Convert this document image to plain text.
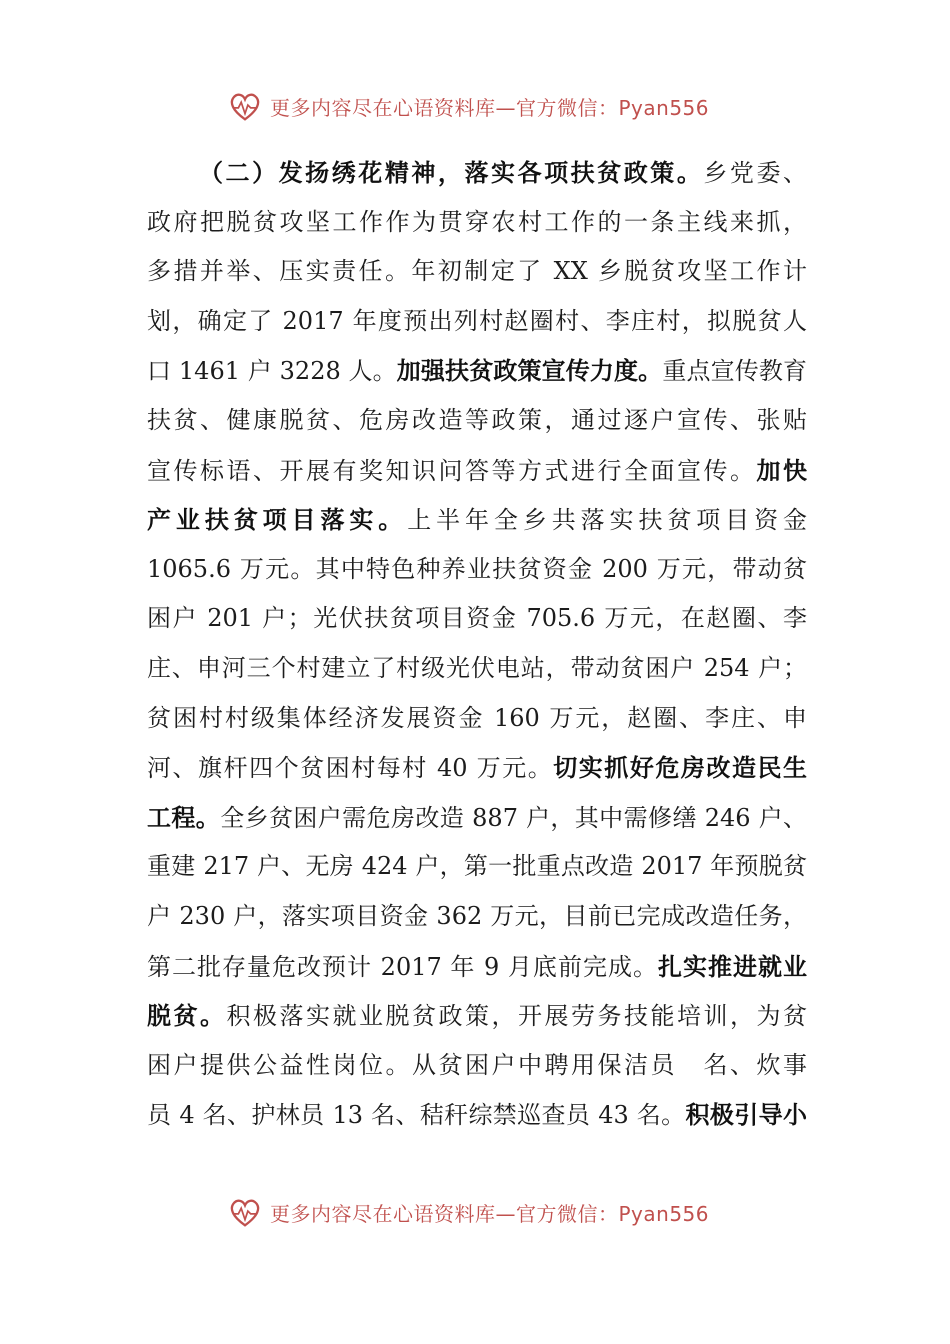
更多内容尽在心语资料库—官方微信：Pyan556
（二）发扬绣花精神，落实各项扶贫政策。乡党委、
政府把脱贫攻坚工作作为贯穿农村工作的一条主线来抓，
多措并举、压实责任。年初制定了 XX 乡脱贫攻坚工作计
划，确定了 2017 年度预出列村赵圈村、李庄村，拟脱贫人
口 1461 户 3228 人。加强扶贫政策宣传力度。重点宣传教育
扶贫、健康脱贫、危房改造等政策，通过逐户宣传、张贴
宣传标语、开展有奖知识问答等方式进行全面宣传。加快
产业扶贫项目落实。上半年全乡共落实扶贫项目资金
1065.6 万元。其中特色种养业扶贫资金 200 万元，带动贫
困户 201 户；光伏扶贫项目资金 705.6 万元，在赵圈、李
庄、申河三个村建立了村级光伏电站，带动贫困户 254 户；
贫困村村级集体经济发展资金 160 万元，赵圈、李庄、申
河、旗杆四个贫困村每村 40 万元。切实抓好危房改造民生
工程。全乡贫困户需危房改造 887 户，其中需修缮 246 户、
重建 217 户、无房 424 户，第一批重点改造 2017 年预脱贫
户 230 户，落实项目资金 362 万元，目前已完成改造任务，
第二批存量危改预计 2017 年 9 月底前完成。扎实推进就业
脱贫。积极落实就业脱贫政策，开展劳务技能培训，为贫
困户提供公益性岗位。从贫困户中聘用保洁员　名、炊事
员 4 名、护林员 13 名、秸秆综禁巡查员 43 名。积极引导小
更多内容尽在心语资料库—官方微信：Pyan556
